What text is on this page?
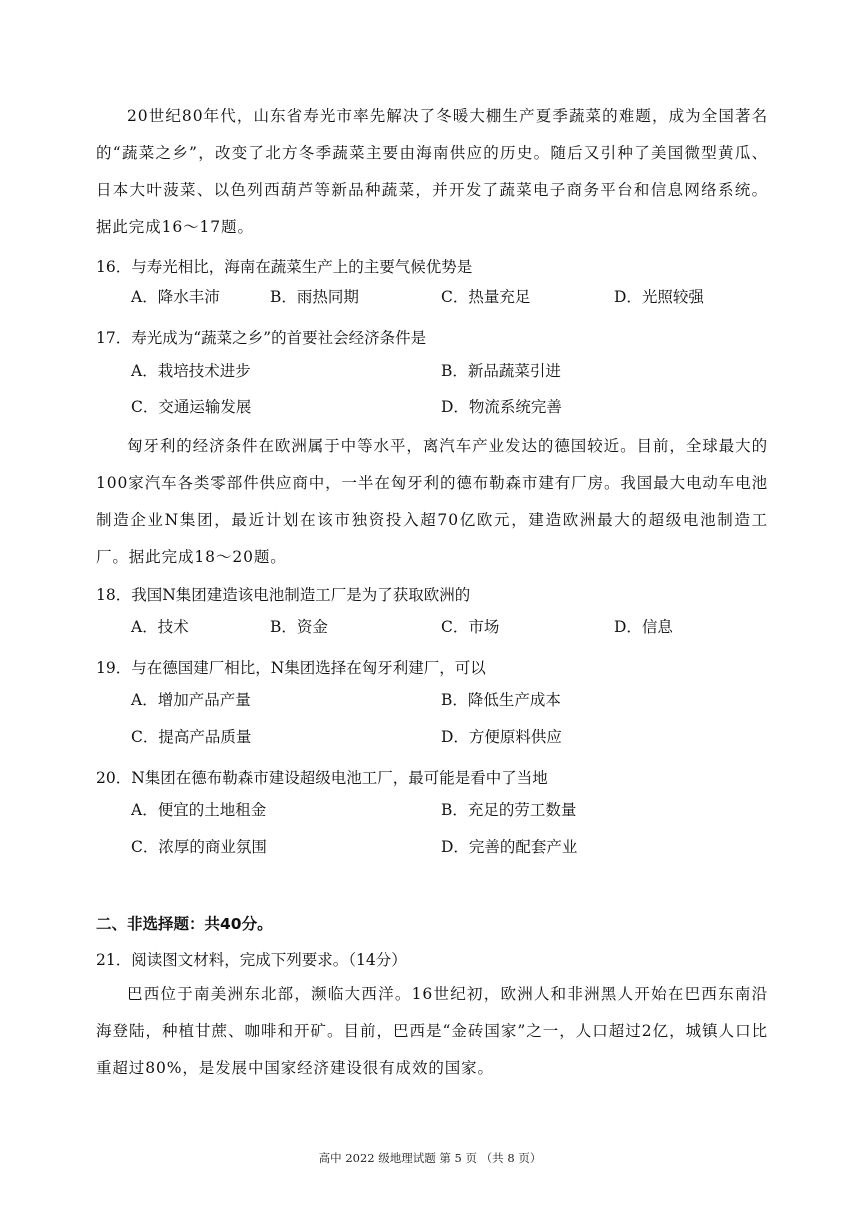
20世纪80年代，山东省寿光市率先解决了冬暖大棚生产夏季蔬菜的难题，成为全国著名的“蔬菜之乡”，改变了北方冬季蔬菜主要由海南供应的历史。随后又引种了美国微型黄瓜、日本大叶菠菜、以色列西葫芦等新品种蔬菜，并开发了蔬菜电子商务平台和信息网络系统。据此完成16～17题。

16．与寿光相比，海南在蔬菜生产上的主要气候优势是
A．降水丰沛	B．雨热同期	C．热量充足	D．光照较强
17．寿光成为“蔬菜之乡”的首要社会经济条件是
A．栽培技术进步	B．新品蔬菜引进
C．交通运输发展	D．物流系统完善

匈牙利的经济条件在欧洲属于中等水平，离汽车产业发达的德国较近。目前，全球最大的100家汽车各类零部件供应商中，一半在匈牙利的德布勒森市建有厂房。我国最大电动车电池制造企业N集团，最近计划在该市独资投入超70亿欧元，建造欧洲最大的超级电池制造工厂。据此完成18～20题。

18．我国N集团建造该电池制造工厂是为了获取欧洲的
A．技术	B．资金	C．市场	D．信息
19．与在德国建厂相比，N集团选择在匈牙利建厂，可以
A．增加产品产量	B．降低生产成本
C．提高产品质量	D．方便原料供应
20．N集团在德布勒森市建设超级电池工厂，最可能是看中了当地
A．便宜的土地租金	B．充足的劳工数量
C．浓厚的商业氛围	D．完善的配套产业
二、非选择题：共40分。
21．阅读图文材料，完成下列要求。（14分）

巴西位于南美洲东北部，濒临大西洋。16世纪初，欧洲人和非洲黑人开始在巴西东南沿海登陆，种植甘蔗、咖啡和开矿。目前，巴西是“金砖国家”之一，人口超过2亿，城镇人口比重超过80%，是发展中国家经济建设很有成效的国家。

高中 2022 级地理试题 第 5 页 （共 8 页）
